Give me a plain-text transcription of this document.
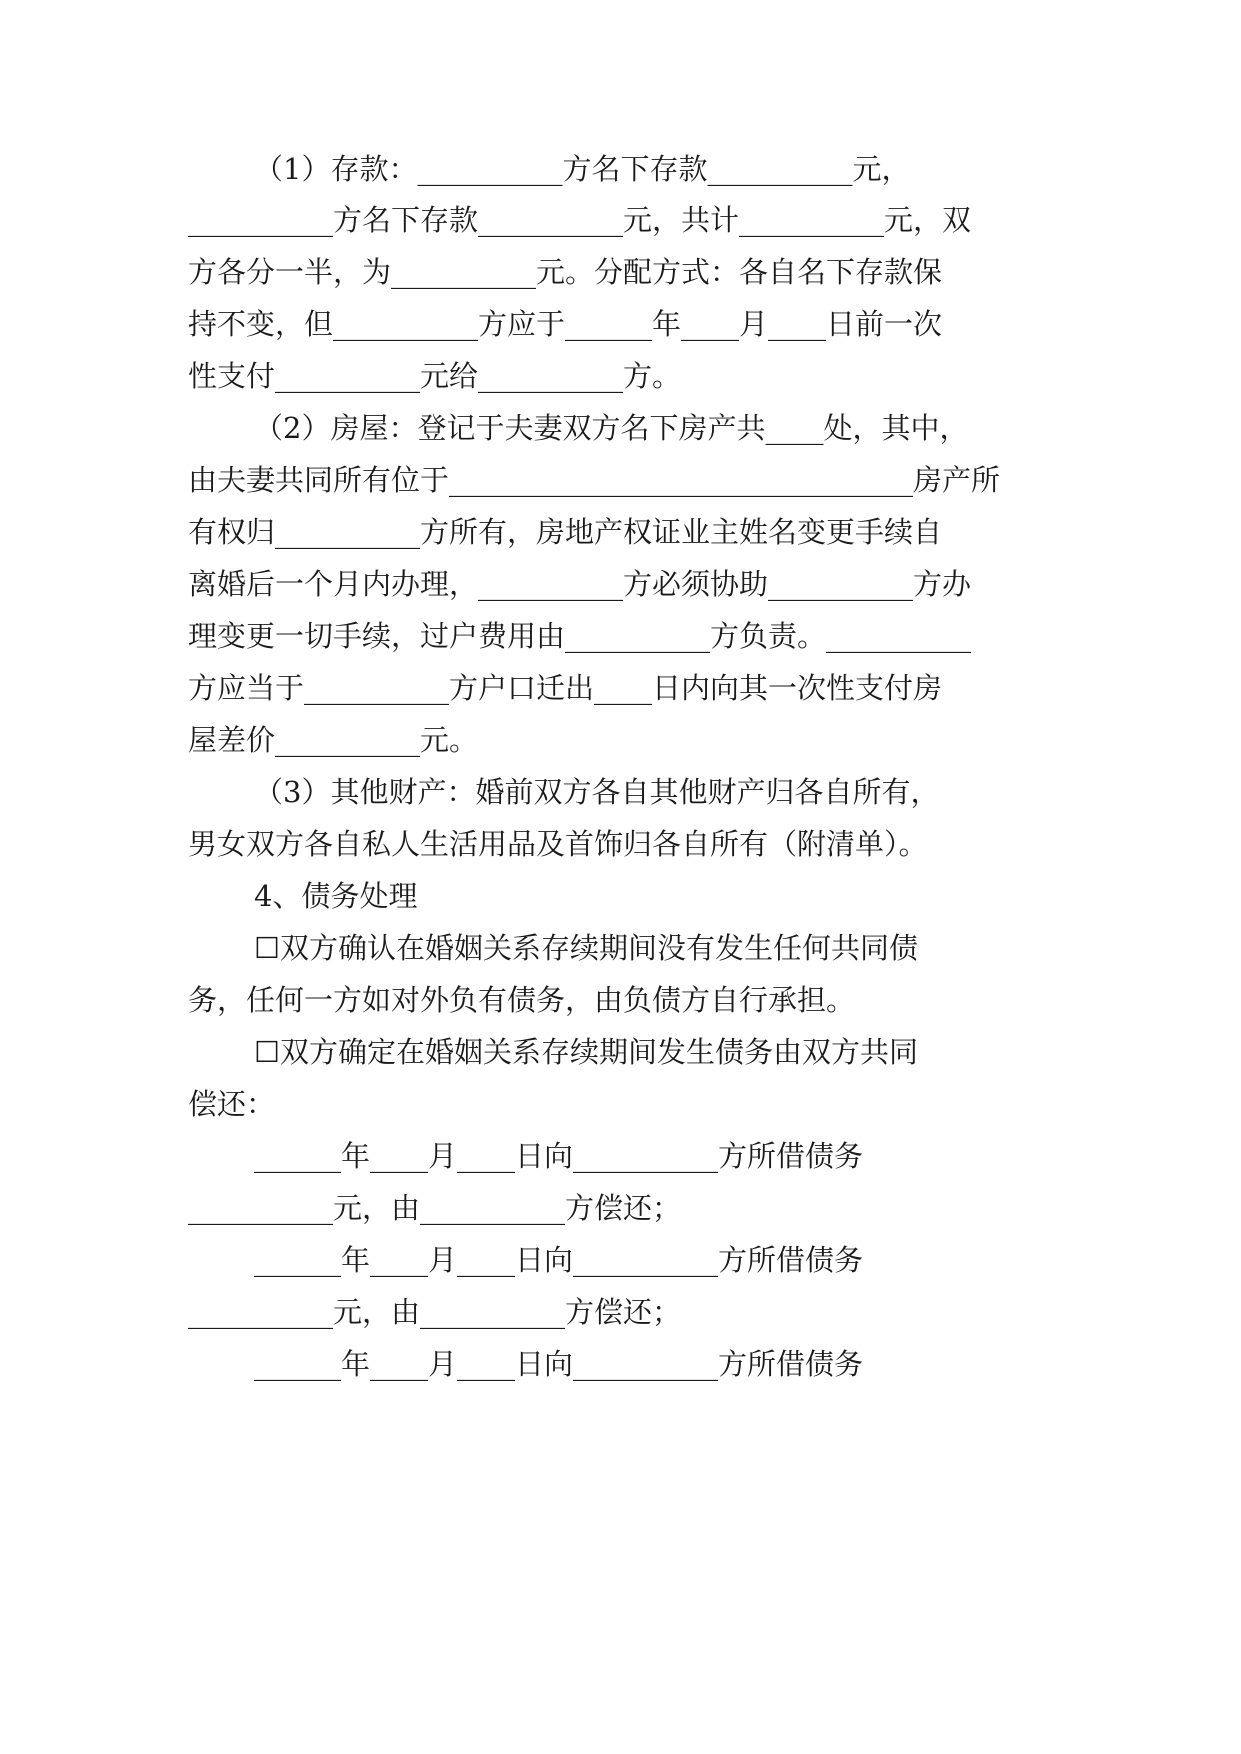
（1）存款：__________方名下存款__________元，
__________方名下存款__________元，共计__________元，双
方各分一半，为__________元。分配方式：各自名下存款保
持不变，但__________方应于______年____月____日前一次
性支付__________元给__________方。
（2）房屋：登记于夫妻双方名下房产共____处，其中，
由夫妻共同所有位于________________________________房产所
有权归__________方所有，房地产权证业主姓名变更手续自
离婚后一个月内办理，__________方必须协助__________方办
理变更一切手续，过户费用由__________方负责。__________
方应当于__________方户口迁出____日内向其一次性支付房
屋差价__________元。
（3）其他财产：婚前双方各自其他财产归各自所有，
男女双方各自私人生活用品及首饰归各自所有（附清单）。
4、债务处理
☐双方确认在婚姻关系存续期间没有发生任何共同债
务，任何一方如对外负有债务，由负债方自行承担。
☐双方确定在婚姻关系存续期间发生债务由双方共同
偿还：
______年____月____日向__________方所借债务
__________元，由__________方偿还；
______年____月____日向__________方所借债务
__________元，由__________方偿还；
______年____月____日向__________方所借债务
